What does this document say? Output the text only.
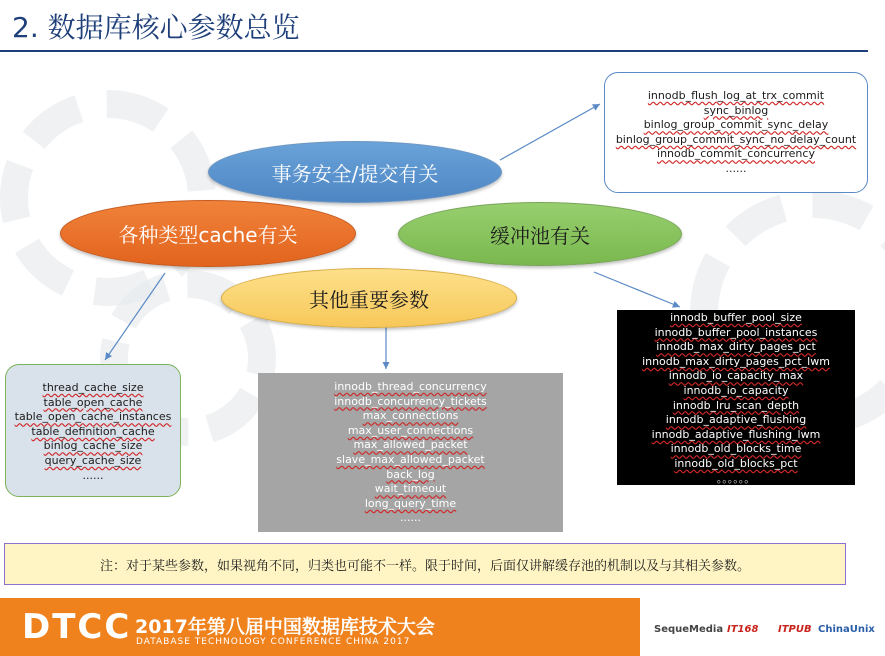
2. 数据库核心参数总览
事务安全/提交有关
各种类型cache有关	缓冲池有关
其他重要参数
innodb_flush_log_at_trx_commit
sync_binlog
binlog_group_commit_sync_delay
binlog_group_commit_sync_no_delay_count
innodb_commit_concurrency
......
thread_cache_size
table_open_cache
table_open_cache_instances
table_definition_cache
binlog_cache_size
query_cache_size
......
innodb_thread_concurrency
innodb_concurrency_tickets
max_connections
max_user_connections
max_allowed_packet
slave_max_allowed_packet
back_log
wait_timeout
long_query_time
......
innodb_buffer_pool_size
innodb_buffer_pool_instances
innodb_max_dirty_pages_pct
innodb_max_dirty_pages_pct_lwm
innodb_io_capacity_max
innodb_io_capacity
innodb_lru_scan_depth
innodb_adaptive_flushing
innodb_adaptive_flushing_lwm
innodb_old_blocks_time
innodb_old_blocks_pct
。。。。。。
注：对于某些参数，如果视角不同，归类也可能不一样。限于时间，后面仅讲解缓存池的机制以及与其相关参数。
DTCC 2017年第八届中国数据库技术大会
DATABASE TECHNOLOGY CONFERENCE CHINA 2017
SequeMedia IT168 ITPUB ChinaUnix
